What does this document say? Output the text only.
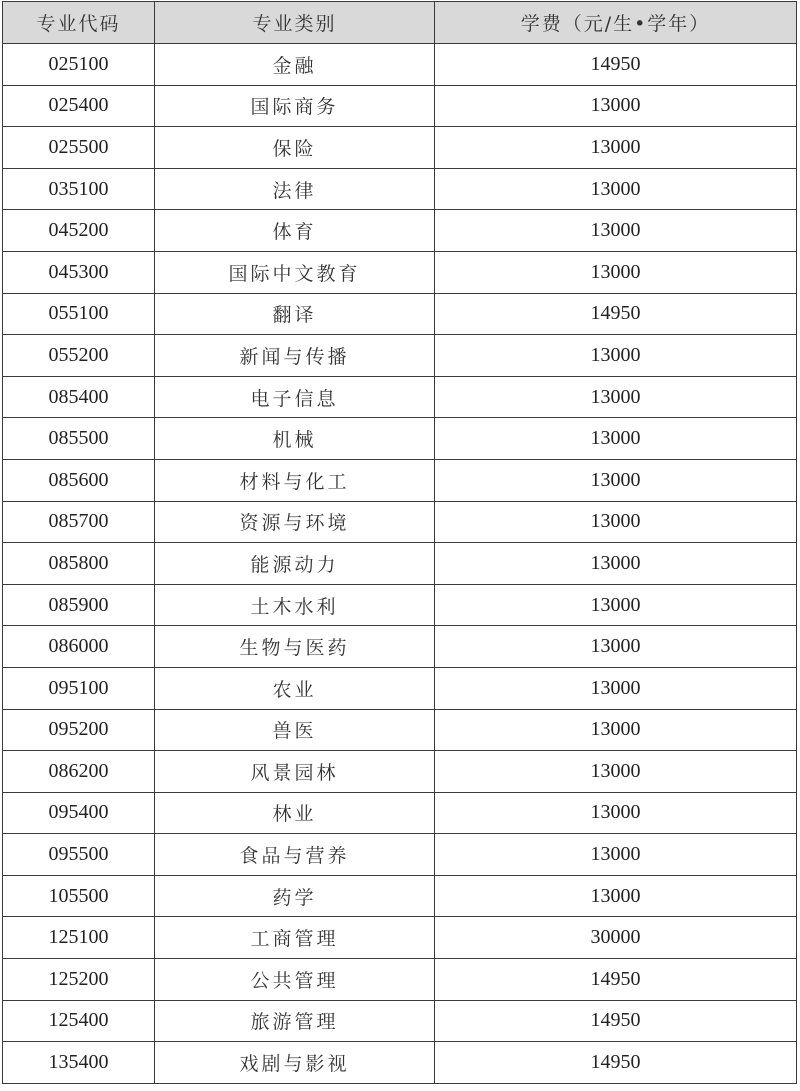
专业代码	专业类别	学费（元/生•学年）
025100	金融	14950
025400	国际商务	13000
025500	保险	13000
035100	法律	13000
045200	体育	13000
045300	国际中文教育	13000
055100	翻译	14950
055200	新闻与传播	13000
085400	电子信息	13000
085500	机械	13000
085600	材料与化工	13000
085700	资源与环境	13000
085800	能源动力	13000
085900	土木水利	13000
086000	生物与医药	13000
095100	农业	13000
095200	兽医	13000
086200	风景园林	13000
095400	林业	13000
095500	食品与营养	13000
105500	药学	13000
125100	工商管理	30000
125200	公共管理	14950
125400	旅游管理	14950
135400	戏剧与影视	14950
